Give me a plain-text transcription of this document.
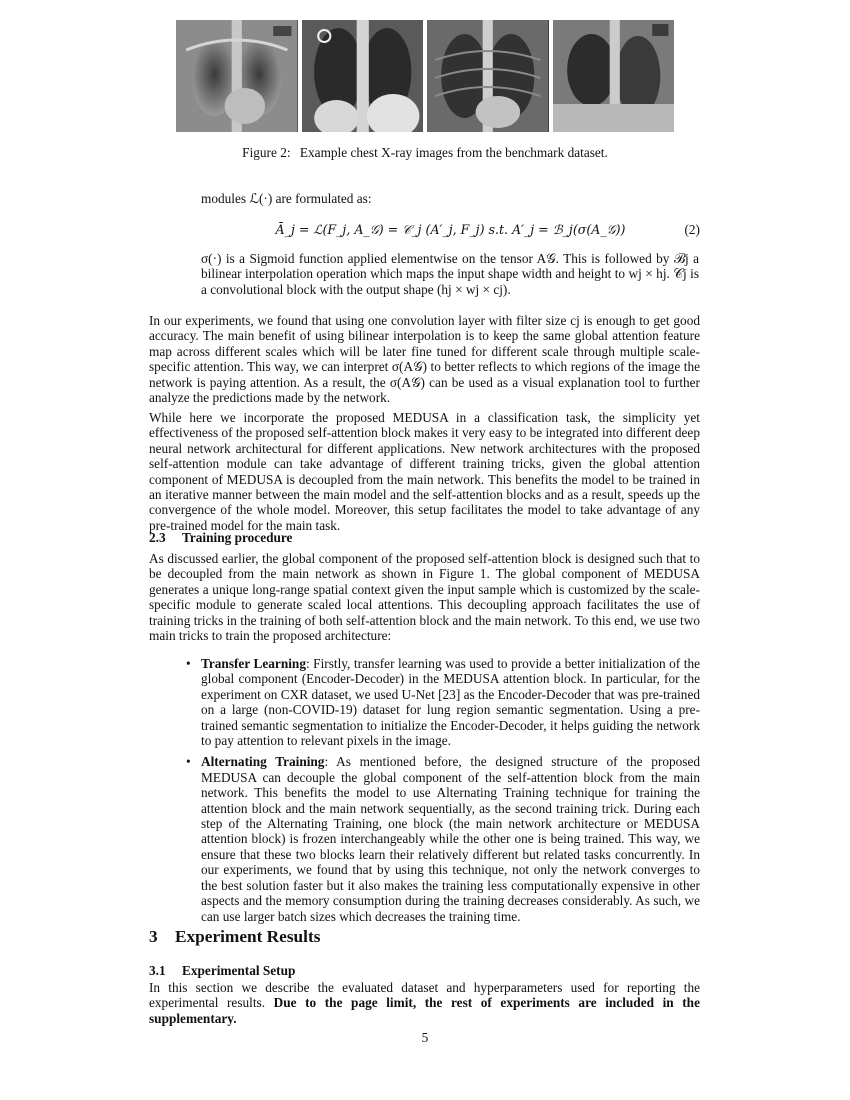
Figure 2: Example chest X-ray images from the benchmark dataset.

modules ℒ(·) are formulated as:

Ā_j = ℒ(F_j, A_𝒢) = 𝒞_j (A′_j, F_j) s.t. A′_j = ℬ_j(σ(A_𝒢))	(2)

σ(·) is a Sigmoid function applied elementwise on the tensor A𝒢. This is followed by ℬj a bilinear interpolation operation which maps the input shape width and height to wj × hj. 𝒞j is a convolutional block with the output shape (hj × wj × cj).

In our experiments, we found that using one convolution layer with filter size cj is enough to get good accuracy. The main benefit of using bilinear interpolation is to keep the same global attention feature map across different scales which will be later fine tuned for different scale through multiple scale-specific attention. This way, we can interpret σ(A𝒢) to better reflects to which regions of the image the network is paying attention. As a result, the σ(A𝒢) can be used as a visual explanation tool to further analyze the predictions made by the network.

While here we incorporate the proposed MEDUSA in a classification task, the simplicity yet effectiveness of the proposed self-attention block makes it very easy to be integrated into different deep neural network architectural for different applications. New network architectures with the proposed self-attention module can take advantage of different training tricks, given the global attention component of MEDUSA is decoupled from the main network. This benefits the model to be trained in an iterative manner between the main model and the self-attention blocks and as a result, speeds up the convergence of the whole model. Moreover, this setup facilitates the model to take advantage of any pre-trained model for the main task.

2.3 Training procedure

As discussed earlier, the global component of the proposed self-attention block is designed such that to be decoupled from the main network as shown in Figure 1. The global component of MEDUSA generates a unique long-range spatial context given the input sample which is customized by the scale-specific module to generate scaled local attentions. This decoupling approach facilitates the use of training tricks in the training of both self-attention block and the main network. To this end, we use two main tricks to train the proposed architecture:

• Transfer Learning: Firstly, transfer learning was used to provide a better initialization of the global component (Encoder-Decoder) in the MEDUSA attention block. In particular, for the experiment on CXR dataset, we used U-Net [23] as the Encoder-Decoder that was pre-trained on a large (non-COVID-19) dataset for lung region semantic segmentation. Using a pre-trained semantic segmentation to initialize the Encoder-Decoder, it helps guiding the network to pay attention to relevant pixels in the image.
• Alternating Training: As mentioned before, the designed structure of the proposed MEDUSA can decouple the global component of the self-attention block from the main network. This benefits the model to use Alternating Training technique for training the attention block and the main network sequentially, as the second training trick. During each step of the Alternating Training, one block (the main network architecture or MEDUSA attention block) is frozen interchangeably while the other one is being trained. This way, we ensure that these two blocks learn their relatively different but related tasks concurrently. In our experiments, we found that by using this technique, not only the network converges to the best solution faster but it also makes the training less computationally expensive in other aspects and the memory consumption during the training decreases considerably. As such, we can use larger batch sizes which decreases the training time.
3 Experiment Results
3.1 Experimental Setup

In this section we describe the evaluated dataset and hyperparameters used for reporting the experimental results. Due to the page limit, the rest of experiments are included in the supplementary.

5
